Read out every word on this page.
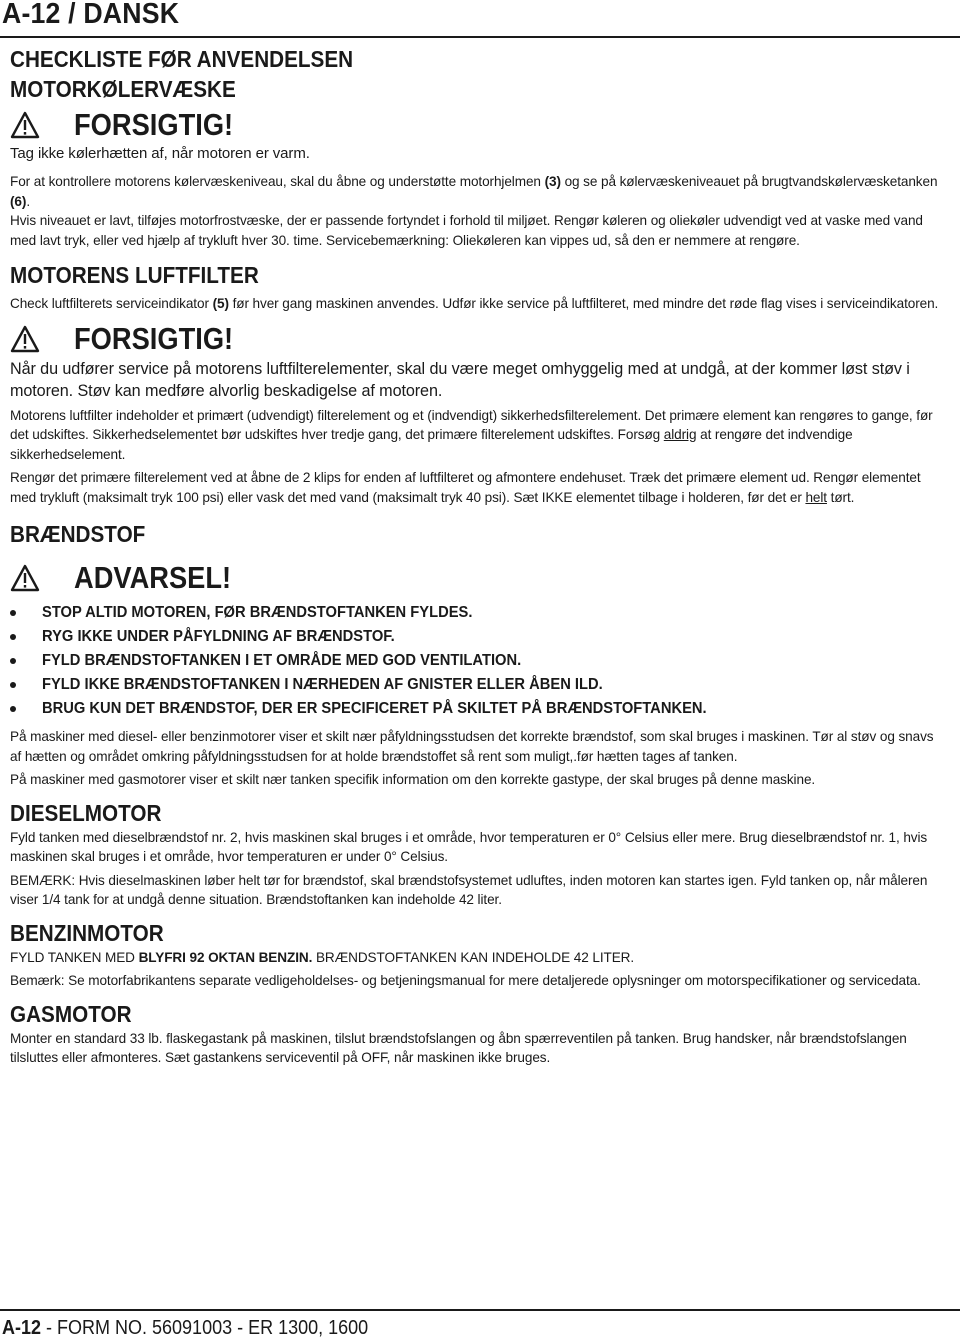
A-12 / DANSK
CHECKLISTE FØR ANVENDELSEN
MOTORKØLERVÆSKE
FORSIGTIG!

Tag ikke kølerhætten af, når motoren er varm.

For at kontrollere motorens kølervæskeniveau, skal du åbne og understøtte motorhjelmen (3) og se på kølervæskeniveauet på brugtvandskølervæsketanken (6).

Hvis niveauet er lavt, tilføjes motorfrostvæske, der er passende fortyndet i forhold til miljøet. Rengør køleren og oliekøler udvendigt ved at vaske med vand med lavt tryk, eller ved hjælp af trykluft hver 30. time. Servicebemærkning: Oliekøleren kan vippes ud, så den er nemmere at rengøre.

MOTORENS LUFTFILTER

Check luftfilterets serviceindikator (5) før hver gang maskinen anvendes. Udfør ikke service på luftfilteret, med mindre det røde flag vises i serviceindikatoren.

FORSIGTIG!

Når du udfører service på motorens luftfilterelementer, skal du være meget omhyggelig med at undgå, at der kommer løst støv i motoren. Støv kan medføre alvorlig beskadigelse af motoren.

Motorens luftfilter indeholder et primært (udvendigt) filterelement og et (indvendigt) sikkerhedsfilterelement. Det primære element kan rengøres to gange, før det udskiftes. Sikkerhedselementet bør udskiftes hver tredje gang, det primære filterelement udskiftes. Forsøg aldrig at rengøre det indvendige sikkerhedselement.

Rengør det primære filterelement ved at åbne de 2 klips for enden af luftfilteret og afmontere endehuset. Træk det primære element ud. Rengør elementet med trykluft (maksimalt tryk 100 psi) eller vask det med vand (maksimalt tryk 40 psi). Sæt IKKE elementet tilbage i holderen, før det er helt tørt.

BRÆNDSTOF
ADVARSEL!
STOP ALTID MOTOREN, FØR BRÆNDSTOFTANKEN FYLDES.
RYG IKKE UNDER PÅFYLDNING AF BRÆNDSTOF.
FYLD BRÆNDSTOFTANKEN I ET OMRÅDE MED GOD VENTILATION.
FYLD IKKE BRÆNDSTOFTANKEN I NÆRHEDEN AF GNISTER ELLER ÅBEN ILD.
BRUG KUN DET BRÆNDSTOF, DER ER SPECIFICERET PÅ SKILTET PÅ BRÆNDSTOFTANKEN.

På maskiner med diesel- eller benzinmotorer viser et skilt nær påfyldningsstudsen det korrekte brændstof, som skal bruges i maskinen. Tør al støv og snavs af hætten og området omkring påfyldningsstudsen for at holde brændstoffet så rent som muligt,.før hætten tages af tanken.

På maskiner med gasmotorer viser et skilt nær tanken specifik information om den korrekte gastype, der skal bruges på denne maskine.

DIESELMOTOR

Fyld tanken med dieselbrændstof nr. 2, hvis maskinen skal bruges i et område, hvor temperaturen er 0° Celsius eller mere. Brug dieselbrændstof nr. 1, hvis maskinen skal bruges i et område, hvor temperaturen er under 0° Celsius.

BEMÆRK: Hvis dieselmaskinen løber helt tør for brændstof, skal brændstofsystemet udluftes, inden motoren kan startes igen. Fyld tanken op, når måleren viser 1/4 tank for at undgå denne situation. Brændstoftanken kan indeholde 42 liter.

BENZINMOTOR

FYLD TANKEN MED BLYFRI 92 OKTAN BENZIN. BRÆNDSTOFTANKEN KAN INDEHOLDE 42 LITER.

Bemærk: Se motorfabrikantens separate vedligeholdelses- og betjeningsmanual for mere detaljerede oplysninger om motorspecifikationer og servicedata.

GASMOTOR

Monter en standard 33 lb. flaskegastank på maskinen, tilslut brændstofslangen og åbn spærreventilen på tanken. Brug handsker, når brændstofslangen tilsluttes eller afmonteres. Sæt gastankens serviceventil på OFF, når maskinen ikke bruges.

A-12 - FORM NO. 56091003 - ER 1300, 1600
